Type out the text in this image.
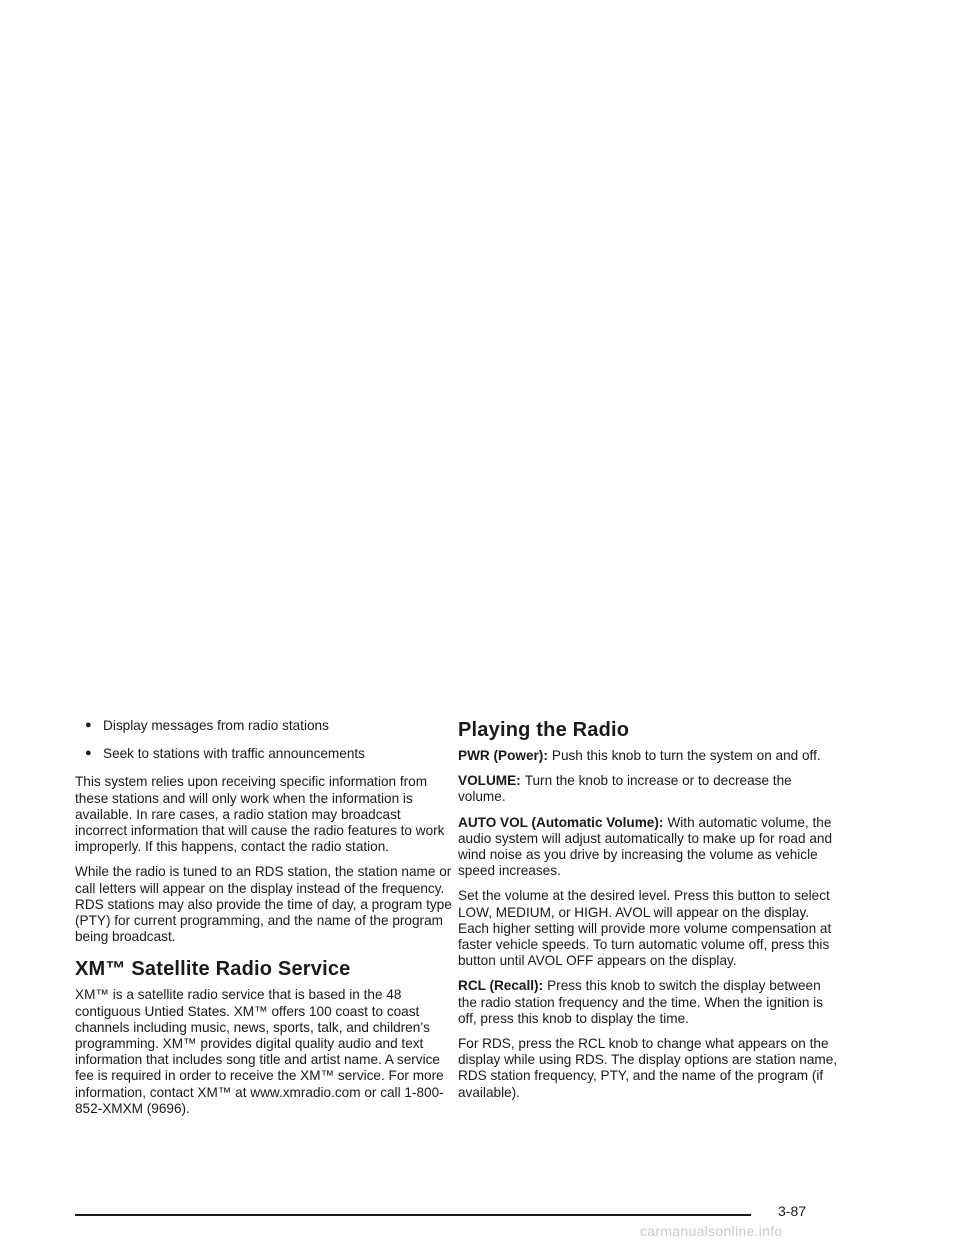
● Display messages from radio stations
● Seek to stations with traffic announcements

This system relies upon receiving specific information from these stations and will only work when the information is available. In rare cases, a radio station may broadcast incorrect information that will cause the radio features to work improperly. If this happens, contact the radio station.

While the radio is tuned to an RDS station, the station name or call letters will appear on the display instead of the frequency. RDS stations may also provide the time of day, a program type (PTY) for current programming, and the name of the program being broadcast.

XM™ Satellite Radio Service

XM™ is a satellite radio service that is based in the 48 contiguous Untied States. XM™ offers 100 coast to coast channels including music, news, sports, talk, and children’s programming. XM™ provides digital quality audio and text information that includes song title and artist name. A service fee is required in order to receive the XM™ service. For more information, contact XM™ at www.xmradio.com or call 1-800-852-XMXM (9696).

Playing the Radio

PWR (Power): Push this knob to turn the system on and off.

VOLUME: Turn the knob to increase or to decrease the volume.

AUTO VOL (Automatic Volume): With automatic volume, the audio system will adjust automatically to make up for road and wind noise as you drive by increasing the volume as vehicle speed increases.

Set the volume at the desired level. Press this button to select LOW, MEDIUM, or HIGH. AVOL will appear on the display. Each higher setting will provide more volume compensation at faster vehicle speeds. To turn automatic volume off, press this button until AVOL OFF appears on the display.

RCL (Recall): Press this knob to switch the display between the radio station frequency and the time. When the ignition is off, press this knob to display the time.

For RDS, press the RCL knob to change what appears on the display while using RDS. The display options are station name, RDS station frequency, PTY, and the name of the program (if available).

3-87
carmanualsonline.info
